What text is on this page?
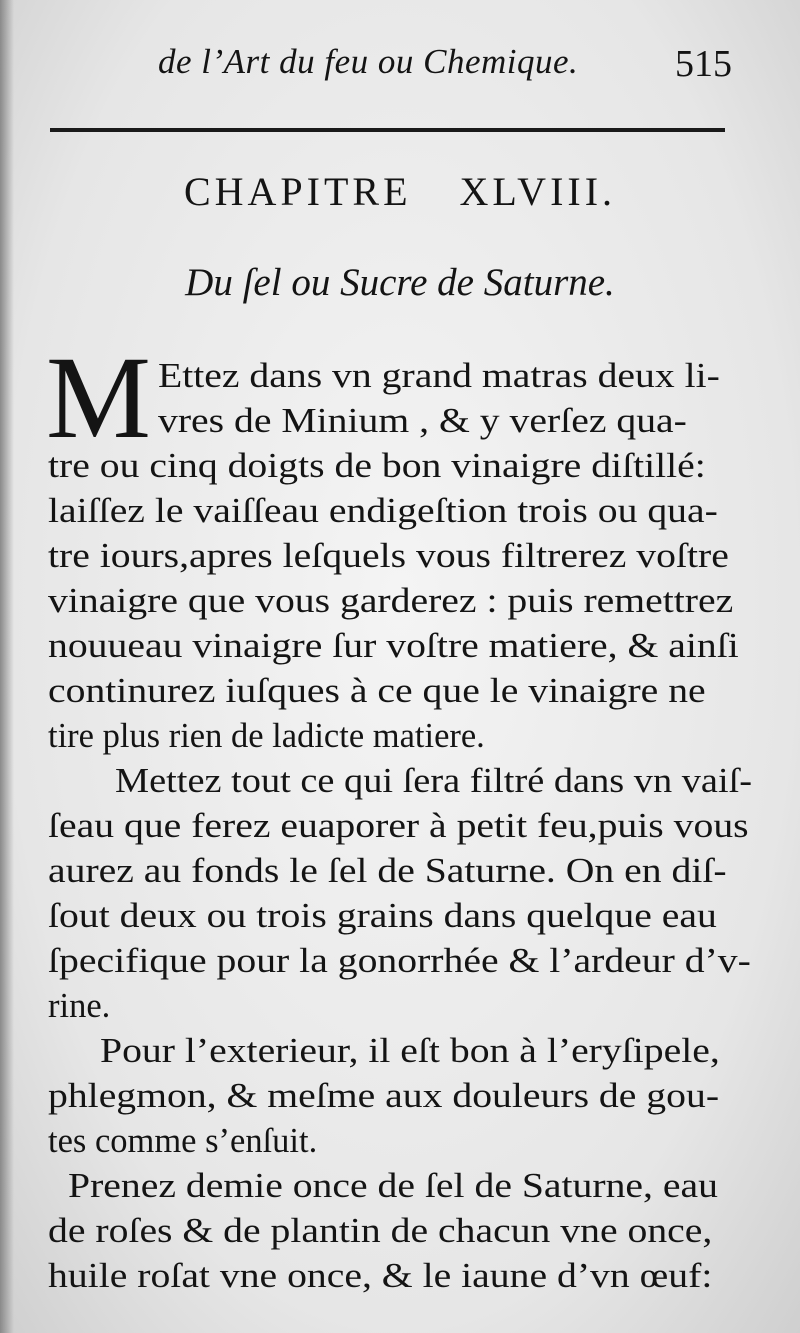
de l’Art du feu ou Chemique.	515
CHAPITRE XLVIII.
Du ſel ou Sucre de Saturne.
M Ettez dans vn grand matras deux li-
vres de Minium , & y verſez qua-
tre ou cinq doigts de bon vinaigre diſtillé:
laiſſez le vaiſſeau endigeſtion trois ou qua-
tre iours,apres leſquels vous filtrerez voſtre
vinaigre que vous garderez : puis remettrez
nouueau vinaigre ſur voſtre matiere, & ainſi
continurez iuſques à ce que le vinaigre ne
tire plus rien de ladicte matiere.
Mettez tout ce qui ſera filtré dans vn vaiſ-
ſeau que ferez euaporer à petit feu,puis vous
aurez au fonds le ſel de Saturne. On en diſ-
ſout deux ou trois grains dans quelque eau
ſpecifique pour la gonorrhée & l’ardeur d’v-
rine.
Pour l’exterieur, il eſt bon à l’eryſipele,
phlegmon, & meſme aux douleurs de gou-
tes comme s’enſuit.
Prenez demie once de ſel de Saturne, eau
de roſes & de plantin de chacun vne once,
huile roſat vne once, & le iaune d’vn œuf:
